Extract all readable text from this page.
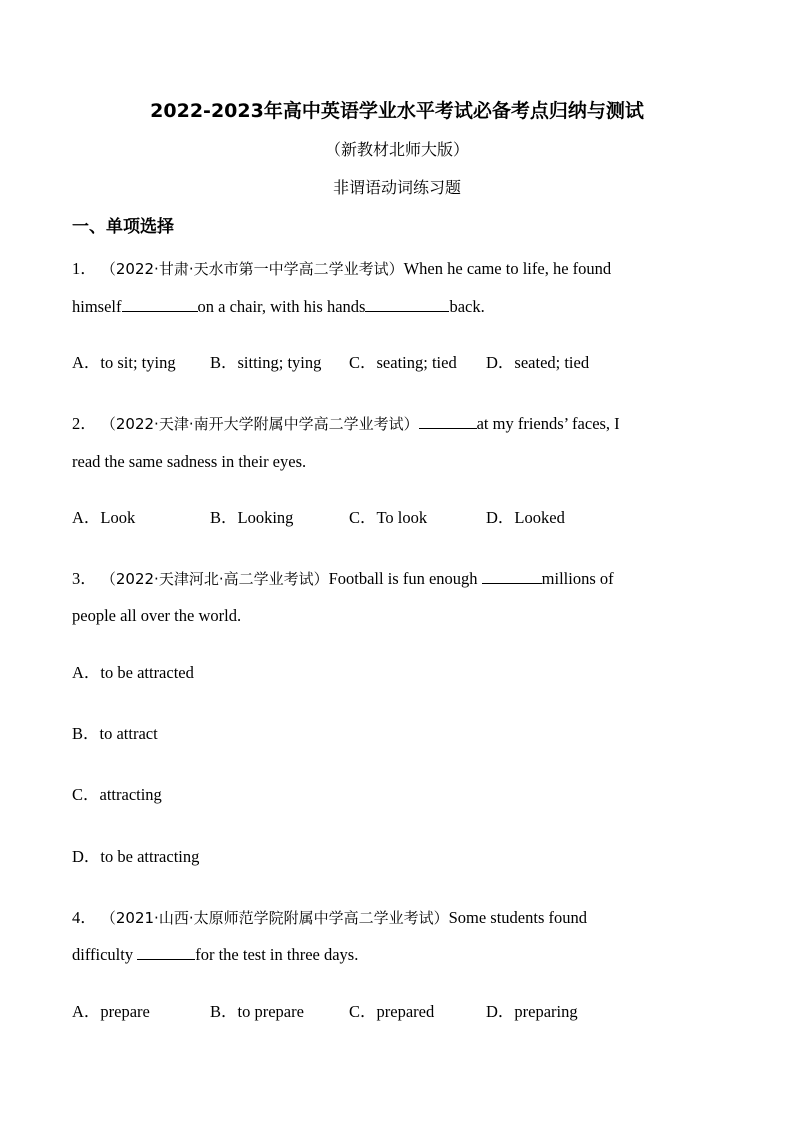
2022-2023年高中英语学业水平考试必备考点归纳与测试
（新教材北师大版）
非谓语动词练习题
一、单项选择
1． （2022·甘肃·天水市第一中学高二学业考试）When he came to life, he found
himself	on a chair, with his hands	back.
A．to sit; tying B．sitting; tying C．seating; tied D．seated; tied
2． （2022·天津·南开大学附属中学高二学业考试）	at my friends’ faces, I
read the same sadness in their eyes.
A．Look	B．Looking	C．To look	D．Looked
3． （2022·天津河北·高二学业考试）Football is fun enough	millions of
people all over the world.
A．to be attracted
B．to attract
C．attracting
D．to be attracting
4． （2021·山西·太原师范学院附属中学高二学业考试）Some students found
difficulty	for the test in three days.
A．prepare	B．to prepare	C．prepared	D．preparing
